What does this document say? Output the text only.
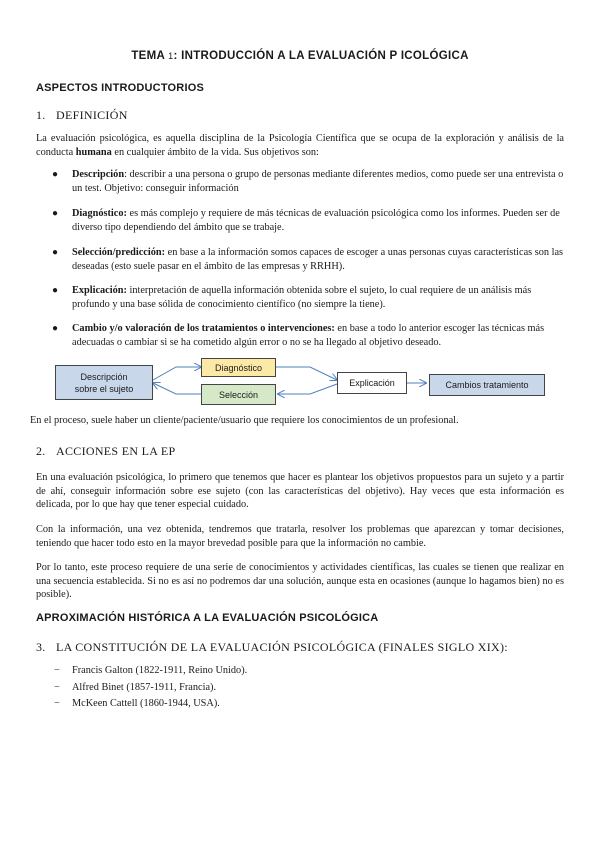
TEMA 1: INTRODUCCIÓN A LA EVALUACIÓN P ICOLÓGICA
ASPECTOS INTRODUCTORIOS
1. DEFINICIÓN
La evaluación psicológica, es aquella disciplina de la Psicología Científica que se ocupa de la exploración y análisis de la conducta humana en cualquier ámbito de la vida. Sus objetivos son:
● Descripción: describir a una persona o grupo de personas mediante diferentes medios, como puede ser una entrevista o un test. Objetivo: conseguir información
● Diagnóstico: es más complejo y requiere de más técnicas de evaluación psicológica como los informes. Pueden ser de diverso tipo dependiendo del ámbito que se trabaje.
● Selección/predicción: en base a la información somos capaces de escoger a unas personas cuyas características son las deseadas (esto suele pasar en el ámbito de las empresas y RRHH).
● Explicación: interpretación de aquella información obtenida sobre el sujeto, lo cual requiere de un análisis más profundo y una base sólida de conocimiento científico (no siempre la tiene).
● Cambio y/o valoración de los tratamientos o intervenciones: en base a todo lo anterior escoger las técnicas más adecuadas o cambiar si se ha cometido algún error o no se ha llegado al objetivo deseado.
Descripción
sobre el sujeto
Diagnóstico
Selección
Explicación	Cambios tratamiento
En el proceso, suele haber un cliente/paciente/usuario que requiere los conocimientos de un profesional.
2. ACCIONES EN LA EP
En una evaluación psicológica, lo primero que tenemos que hacer es plantear los objetivos propuestos para un sujeto y a partir de ahí, conseguir información sobre ese sujeto (con las características del objetivo). Hay veces que esta información es delicada, por lo que hay que tener especial cuidado.
Con la información, una vez obtenida, tendremos que tratarla, resolver los problemas que aparezcan y tomar decisiones, teniendo que hacer todo esto en la mayor brevedad posible para que la información no cambie.
Por lo tanto, este proceso requiere de una serie de conocimientos y actividades científicas, las cuales se tienen que realizar en una secuencia establecida. Si no es así no podremos dar una solución, aunque esta en ocasiones (aunque lo hagamos bien) no es posible).
APROXIMACIÓN HISTÓRICA A LA EVALUACIÓN PSICOLÓGICA
3. LA CONSTITUCIÓN DE LA EVALUACIÓN PSICOLÓGICA (FINALES SIGLO XIX):
− Francis Galton (1822-1911, Reino Unido).
− Alfred Binet (1857-1911, Francia).
− McKeen Cattell (1860-1944, USA).
